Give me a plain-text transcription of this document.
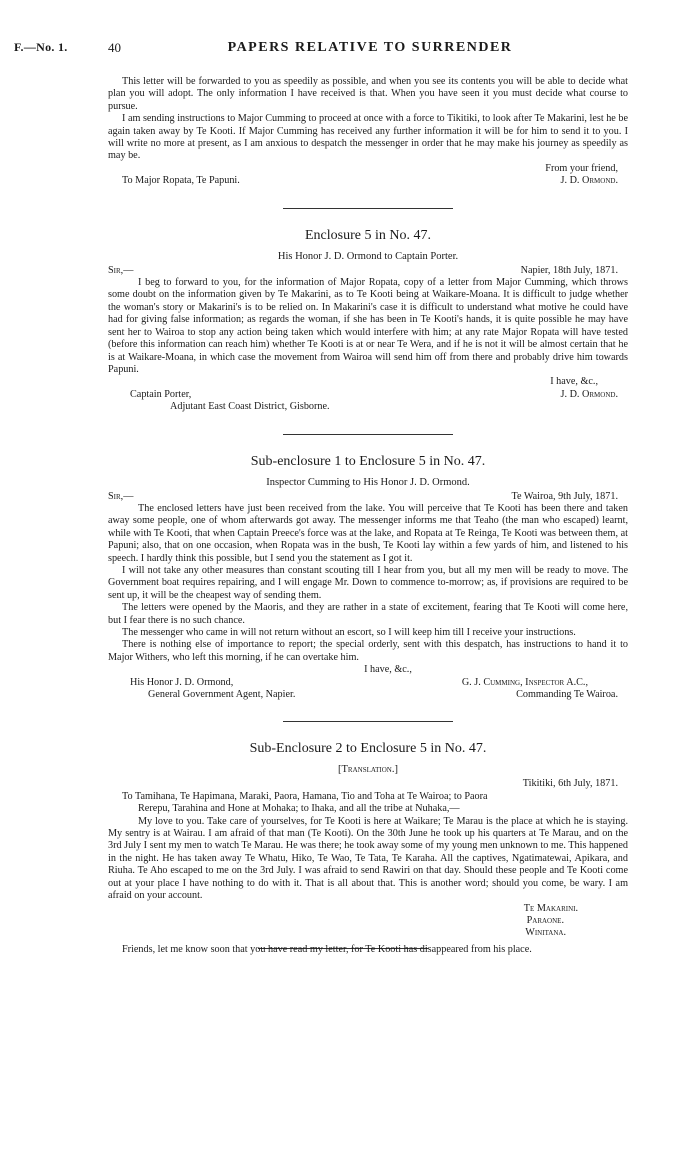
F.—No. 1.	40	PAPERS RELATIVE TO SURRENDER

This letter will be forwarded to you as speedily as possible, and when you see its contents you will be able to decide what plan you will adopt. The only information I have received is that. When you have seen it you must decide what course to pursue.

I am sending instructions to Major Cumming to proceed at once with a force to Tikitiki, to look after Te Makarini, lest he be again taken away by Te Kooti. If Major Cumming has received any further information it will be for him to send it to you. I will write no more at present, as I am anxious to despatch the messenger in order that he may make his journey as speedily as may be.

From your friend,

To Major Ropata, Te Papuni.	J. D. Ormond.
Enclosure 5 in No. 47.
His Honor J. D. Ormond to Captain Porter.
Sir,—	Napier, 18th July, 1871.

I beg to forward to you, for the information of Major Ropata, copy of a letter from Major Cumming, which throws some doubt on the information given by Te Makarini, as to Te Kooti being at Waikare-Moana. It is difficult to judge whether the woman's story or Makarini's is to be relied on. In Makarini's case it is difficult to understand what motive he could have had for giving false information; as regards the woman, if she has been in Te Kooti's hands, it is quite possible he may have sent her to Wairoa to stop any action being taken which would interfere with him; at any rate Major Ropata will have tested (before this information can reach him) whether Te Kooti is at or near Te Wera, and if he is not it will be almost certain that he is at Waikare-Moana, in which case the movement from Wairoa will send him off from there and probably drive him towards Papuni.

I have, &c.,

Captain Porter,	J. D. Ormond.

Adjutant East Coast District, Gisborne.

Sub-enclosure 1 to Enclosure 5 in No. 47.
Inspector Cumming to His Honor J. D. Ormond.
Sir,—	Te Wairoa, 9th July, 1871.

The enclosed letters have just been received from the lake. You will perceive that Te Kooti has been there and taken away some people, one of whom afterwards got away. The messenger informs me that Teaho (the man who escaped) learnt, while with Te Kooti, that when Captain Preece's force was at the lake, and Ropata at Te Reinga, Te Kooti was between them, at Papuni; also, that on one occasion, when Ropata was in the bush, Te Kooti lay within a few yards of him, and listened to his speech. I hardly think this possible, but I send you the statement as I got it.

I will not take any other measures than constant scouting till I hear from you, but all my men will be ready to move. The Government boat requires repairing, and I will engage Mr. Down to commence to-morrow; as, if provisions are required to be sent up, it will be the cheapest way of sending them.

The letters were opened by the Maoris, and they are rather in a state of excitement, fearing that Te Kooti will come here, but I fear there is no such chance.

The messenger who came in will not return without an escort, so I will keep him till I receive your instructions.

There is nothing else of importance to report; the special orderly, sent with this despatch, has instructions to hand it to Major Withers, who left this morning, if he can overtake him.

I have, &c.,

His Honor J. D. Ormond,	G. J. Cumming, Inspector A.C.,
General Government Agent, Napier.	Commanding Te Wairoa.
Sub-Enclosure 2 to Enclosure 5 in No. 47.
[Translation.]

Tikitiki, 6th July, 1871.

To Tamihana, Te Hapimana, Maraki, Paora, Hamana, Tio and Toha at Te Wairoa; to Paora

Rerepu, Tarahina and Hone at Mohaka; to Ihaka, and all the tribe at Nuhaka,—

My love to you. Take care of yourselves, for Te Kooti is here at Waikare; Te Marau is the place at which he is staying. My sentry is at Wairau. I am afraid of that man (Te Kooti). On the 30th June he took up his quarters at Te Marau, and on the 3rd July I sent my men to watch Te Marau. He was there; he took away some of my young men unknown to me. This happened in the night. He has taken away Te Whatu, Hiko, Te Wao, Te Tata, Te Karaha. All the captives, Ngatimatewai, Apikara, and Riuha. Te Aho escaped to me on the 3rd July. I was afraid to send Rawiri on that day. Should these people and Te Kooti come out at your place I have nothing to do with it. That is all about that. This is another word; should you come, be wary. I am afraid on your account.

Te Makarini.
Paraone.
Winitana.

Friends, let me know soon that you have read my letter, for Te Kooti has disappeared from his place.
